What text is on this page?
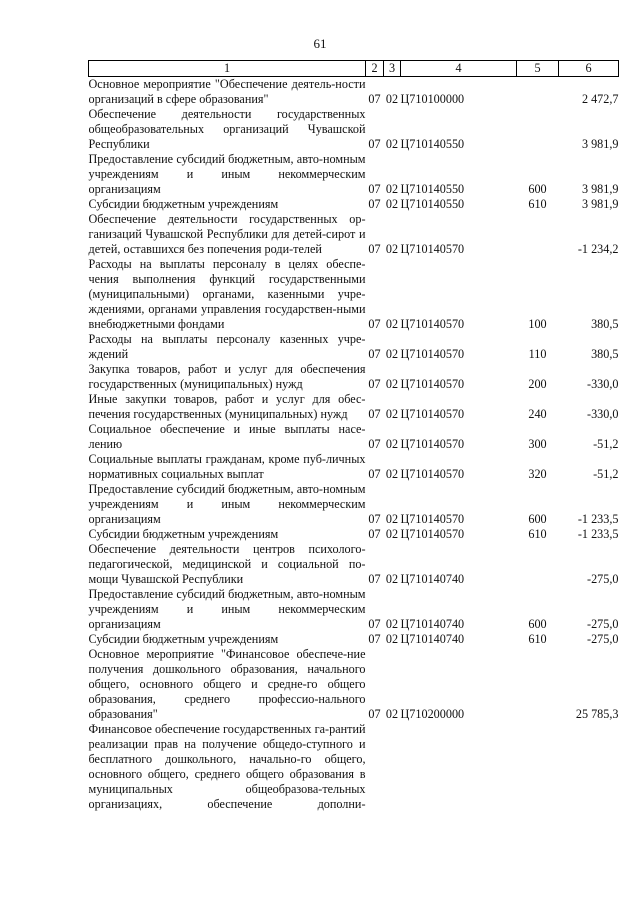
61
1	2	3	4	5	6
Основное мероприятие "Обеспечение деятель-ности организаций в сфере образования"	07	02	Ц710100000		2 472,7
Обеспечение деятельности государственных общеобразовательных организаций Чувашской Республики	07	02	Ц710140550		3 981,9
Предоставление субсидий бюджетным, авто-номным учреждениям и иным некоммерческим организациям	07	02	Ц710140550	600	3 981,9
Субсидии бюджетным учреждениям	07	02	Ц710140550	610	3 981,9
Обеспечение деятельности государственных ор-ганизаций Чувашской Республики для детей-сирот и детей, оставшихся без попечения роди-телей	07	02	Ц710140570		-1 234,2
Расходы на выплаты персоналу в целях обеспе-чения выполнения функций государственными (муниципальными) органами, казенными учре-ждениями, органами управления государствен-ными внебюджетными фондами	07	02	Ц710140570	100	380,5
Расходы на выплаты персоналу казенных учре-ждений	07	02	Ц710140570	110	380,5
Закупка товаров, работ и услуг для обеспечения государственных (муниципальных) нужд	07	02	Ц710140570	200	-330,0
Иные закупки товаров, работ и услуг для обес-печения государственных (муниципальных) нужд	07	02	Ц710140570	240	-330,0
Социальное обеспечение и иные выплаты насе-лению	07	02	Ц710140570	300	-51,2
Социальные выплаты гражданам, кроме пуб-личных нормативных социальных выплат	07	02	Ц710140570	320	-51,2
Предоставление субсидий бюджетным, авто-номным учреждениям и иным некоммерческим организациям	07	02	Ц710140570	600	-1 233,5
Субсидии бюджетным учреждениям	07	02	Ц710140570	610	-1 233,5
Обеспечение деятельности центров психолого-педагогической, медицинской и социальной по-мощи Чувашской Республики	07	02	Ц710140740		-275,0
Предоставление субсидий бюджетным, авто-номным учреждениям и иным некоммерческим организациям	07	02	Ц710140740	600	-275,0
Субсидии бюджетным учреждениям	07	02	Ц710140740	610	-275,0
Основное мероприятие "Финансовое обеспече-ние получения дошкольного образования, начального общего, основного общего и средне-го общего образования, среднего профессио-нального образования"	07	02	Ц710200000		25 785,3
Финансовое обеспечение государственных га-рантий реализации прав на получение общедо-ступного и бесплатного дошкольного, начально-го общего, основного общего, среднего общего образования в муниципальных общеобразова-тельных организациях, обеспечение дополни-					
